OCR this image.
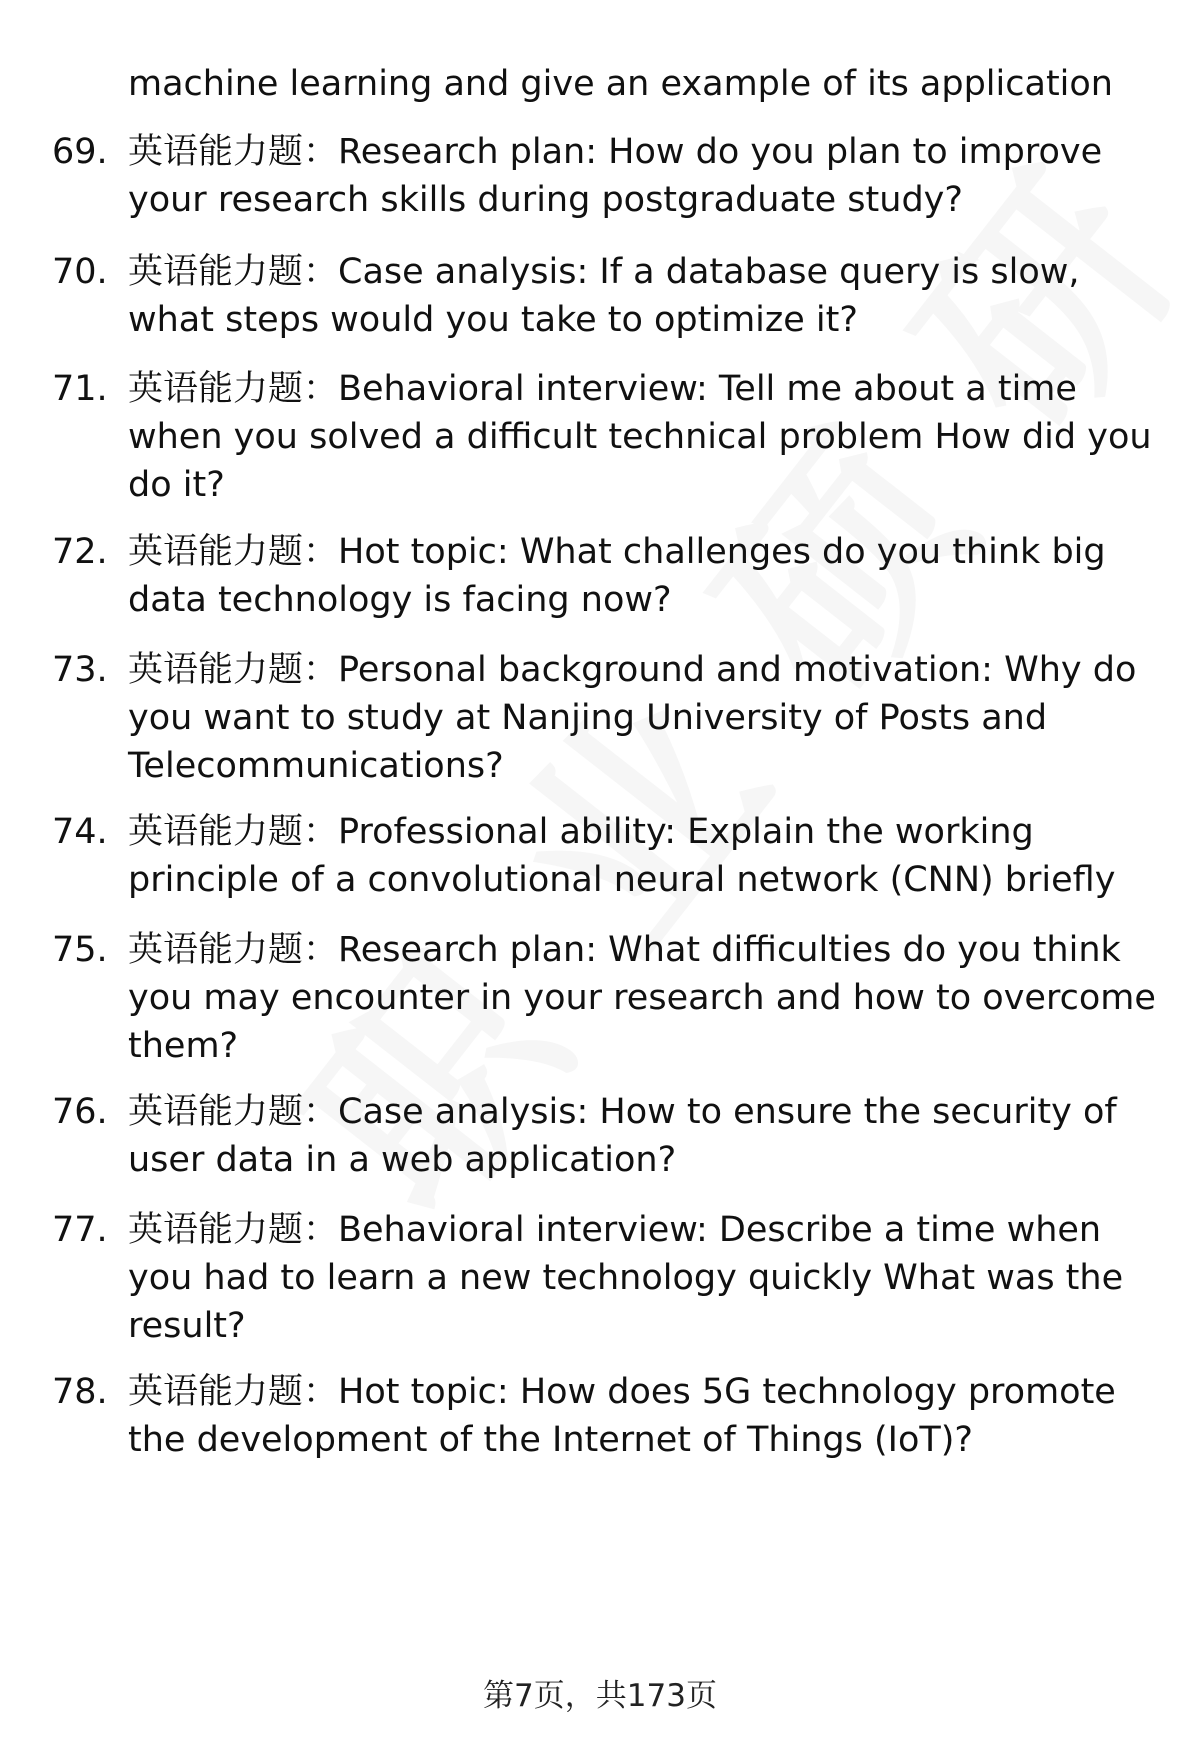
machine learning and give an example of its application

69. 英语能力题：Research plan: How do you plan to improve your research skills during postgraduate study?
70. 英语能力题：Case analysis: If a database query is slow, what steps would you take to optimize it?
71. 英语能力题：Behavioral interview: Tell me about a time when you solved a difficult technical problem How did you do it?
72. 英语能力题：Hot topic: What challenges do you think big data technology is facing now?
73. 英语能力题：Personal background and motivation: Why do you want to study at Nanjing University of Posts and Telecommunications?
74. 英语能力题：Professional ability: Explain the working principle of a convolutional neural network (CNN) briefly
75. 英语能力题：Research plan: What difficulties do you think you may encounter in your research and how to overcome them?
76. 英语能力题：Case analysis: How to ensure the security of user data in a web application?
77. 英语能力题：Behavioral interview: Describe a time when you had to learn a new technology quickly What was the result?
78. 英语能力题：Hot topic: How does 5G technology promote the development of the Internet of Things (IoT)?
第7页，共173页
